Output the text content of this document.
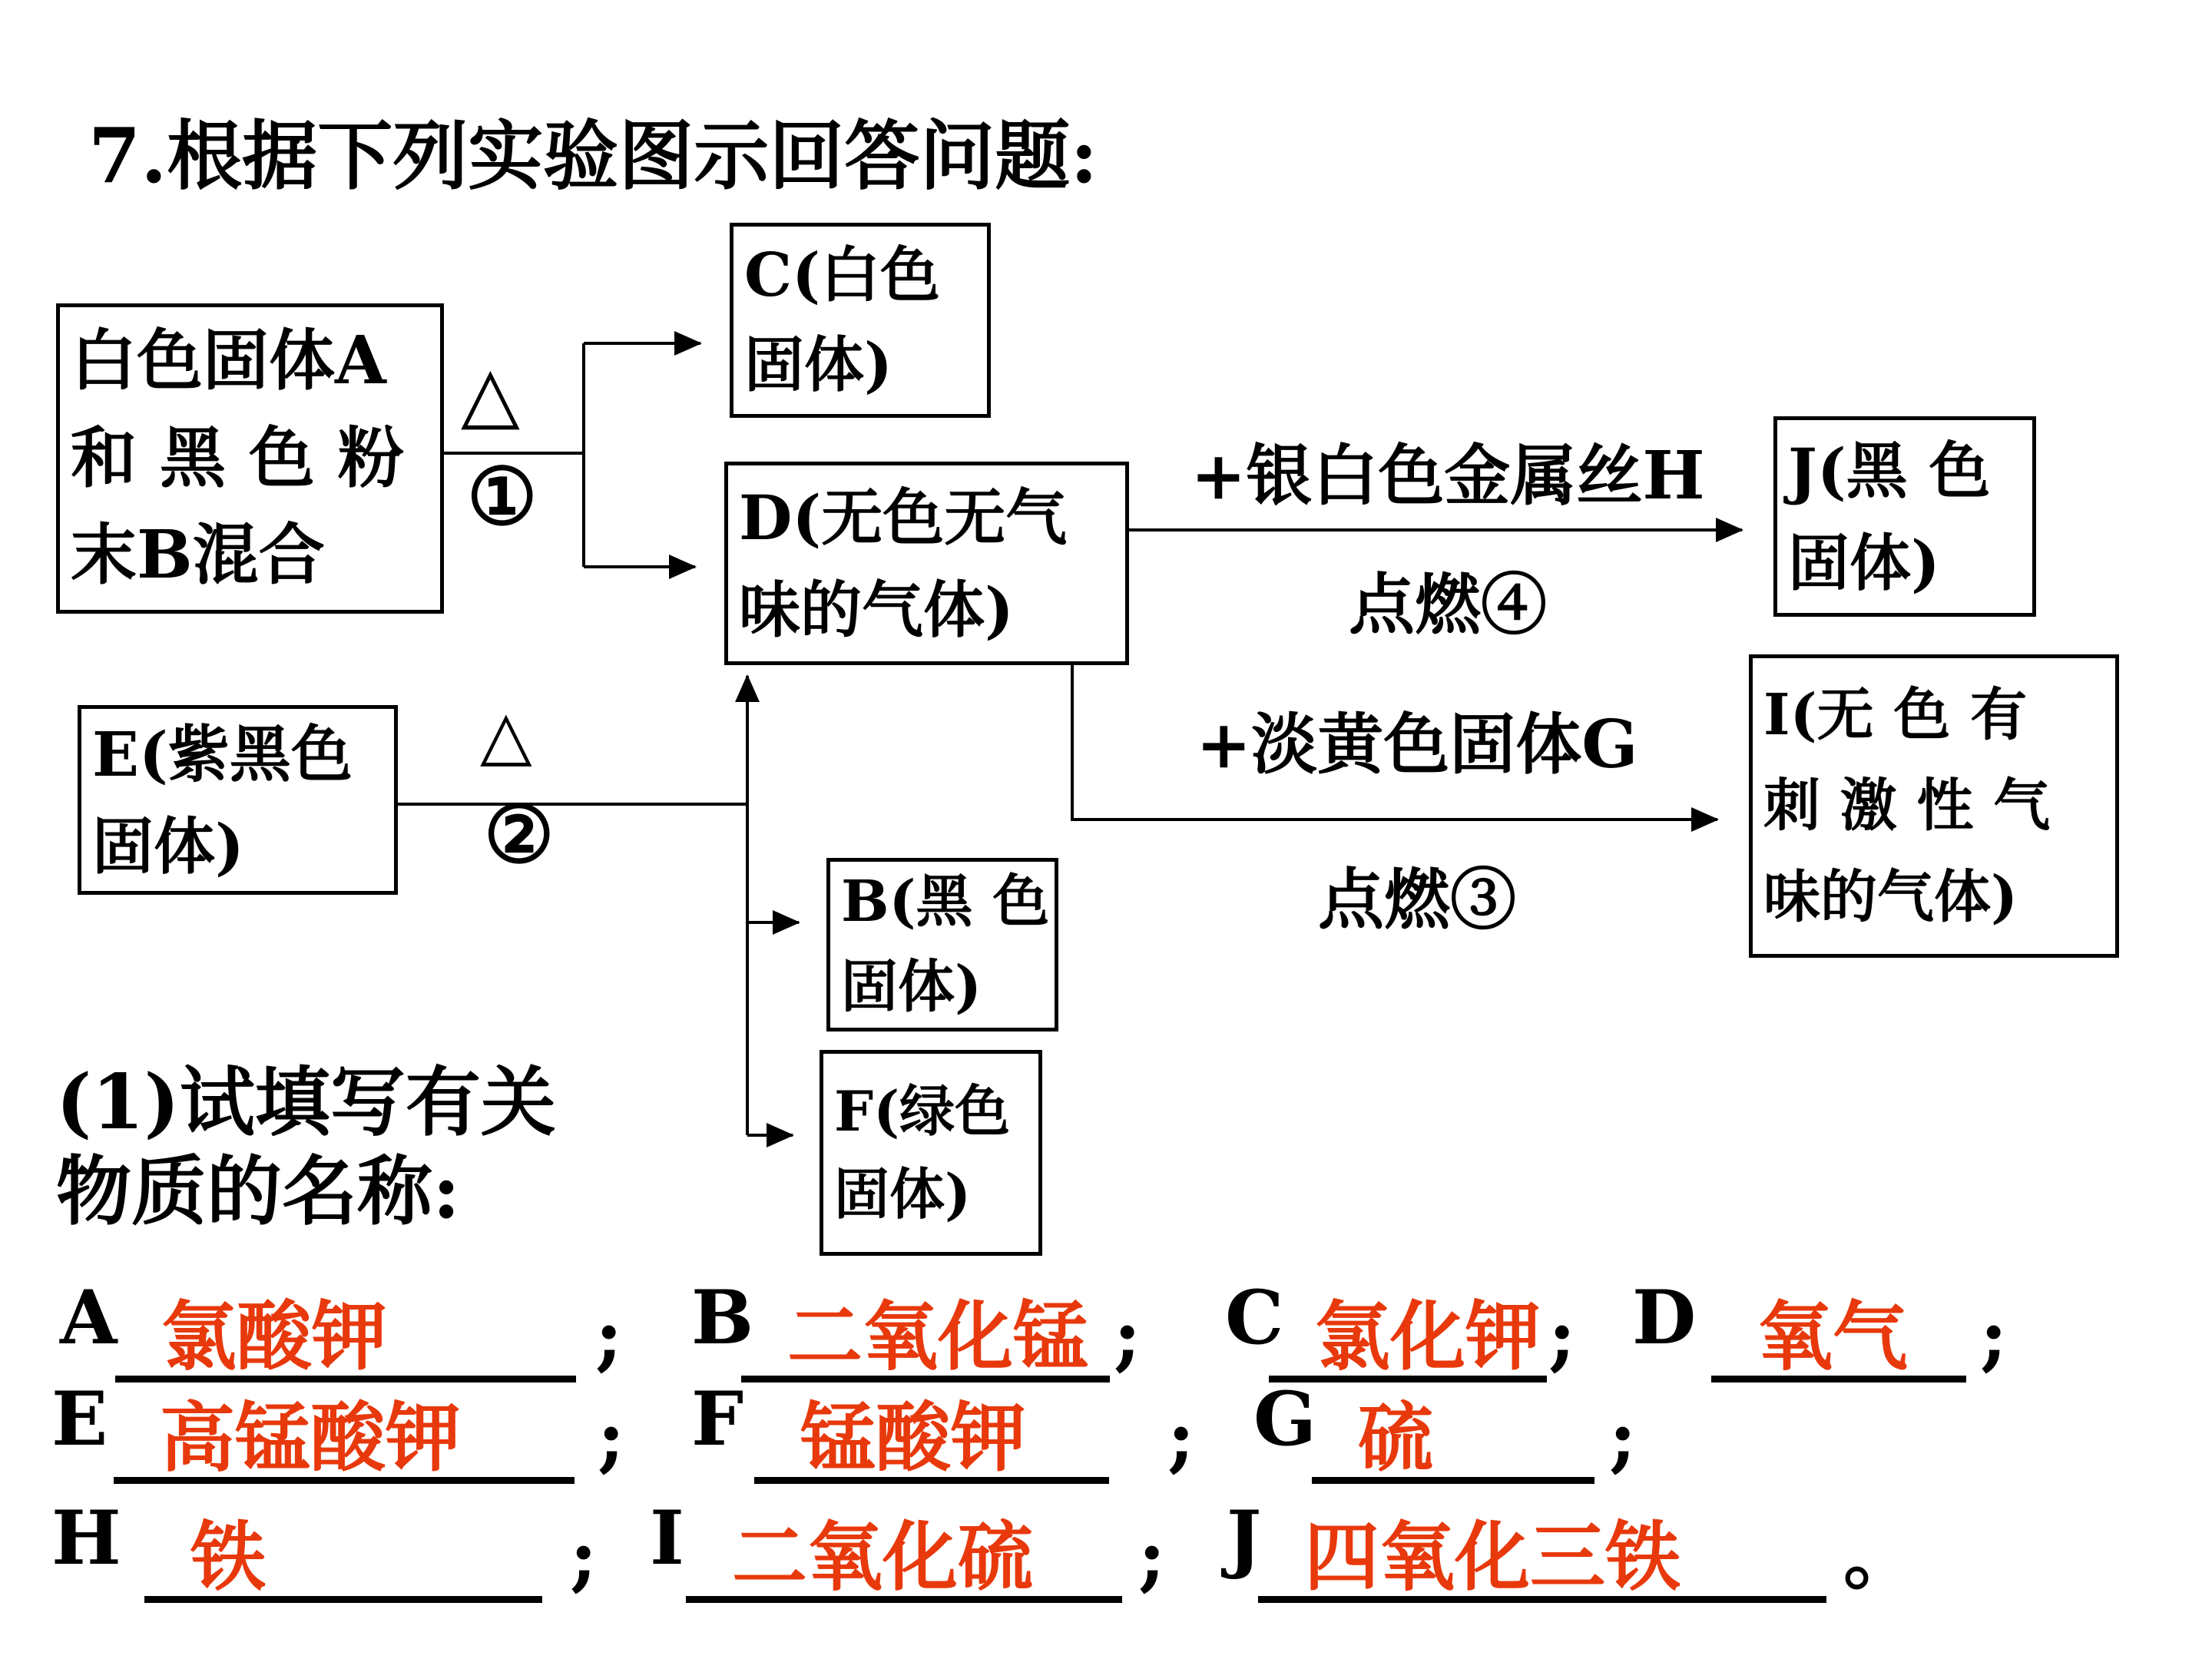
7.根据下列实验图示回答问题:
白色固体A
和 黑 色 粉
末B混合
C(白色
固体)
D(无色无气
味的气体)
J(黑 色
固体)
E(紫黑色
固体)
I(无 色 有
刺 激 性 气
味的气体)
B(黑 色
固体)
F(绿色
固体)
△
①
△
②
+银白色金属丝H
点燃④
+淡黄色固体G
点燃③
(1)试填写有关
物质的名称:
A 氯酸钾	; B 二氧化锰 ; C 氯化钾 ; D 氧气 ;
E 高锰酸钾 ; F 锰酸钾 ; G 硫 ;
H 铁	; I 二氧化硫 ; J 四氧化三铁 。
